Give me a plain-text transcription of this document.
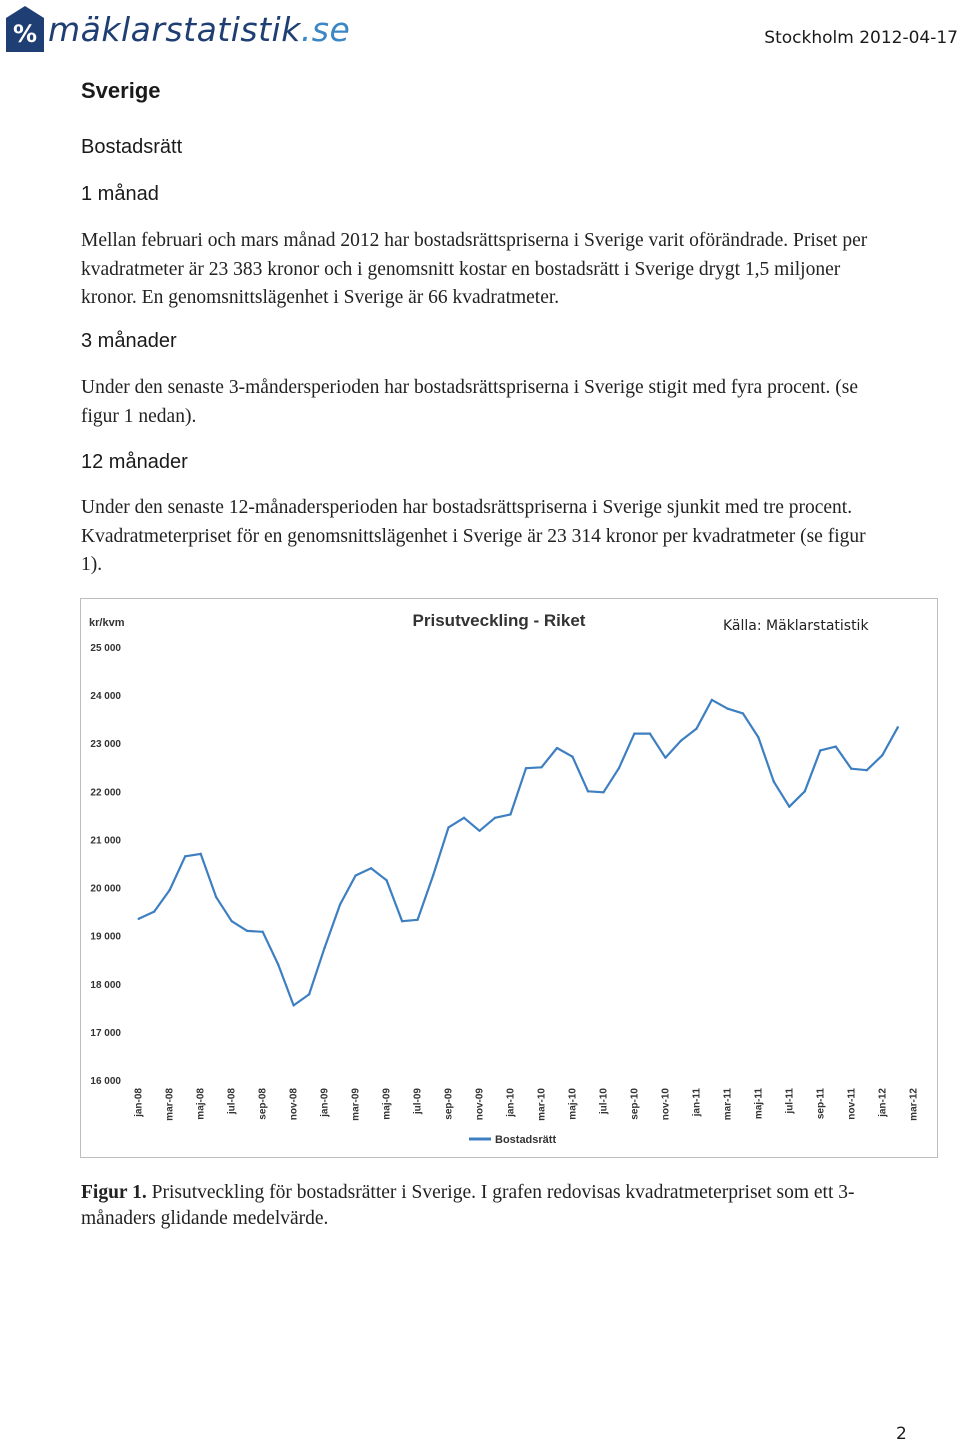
% mäklarstatistik.se	Stockholm 2012-04-17
Sverige
Bostadsrätt
1 månad

Mellan februari och mars månad 2012 har bostadsrättspriserna i Sverige varit oförändrade. Priset per kvadratmeter är 23 383 kronor och i genomsnitt kostar en bostadsrätt i Sverige drygt 1,5 miljoner kronor. En genomsnittslägenhet i Sverige är 66 kvadratmeter.

3 månader

Under den senaste 3-måndersperioden har bostadsrättspriserna i Sverige stigit med fyra procent. (se figur 1 nedan).

12 månader

Under den senaste 12-månadersperioden har bostadsrättspriserna i Sverige sjunkit med tre procent. Kvadratmeterpriset för en genomsnittslägenhet i Sverige är 23 314 kronor per kvadratmeter (se figur 1).

kr/kvm	Prisutveckling - Riket	Källa: Mäklarstatistik
25 000
24 000
23 000
22 000
21 000
20 000
19 000
18 000
17 000
16 000
jan-08 mar-08 maj-08 jul-08 sep-08 nov-08 jan-09 mar-09 maj-09 jul-09 sep-09 nov-09 jan-10 mar-10 maj-10 jul-10 sep-10 nov-10 jan-11 mar-11 maj-11 jul-11 sep-11 nov-11 jan-12 mar-12
Bostadsrätt

Figur 1. Prisutveckling för bostadsrätter i Sverige. I grafen redovisas kvadratmeterpriset som ett 3-månaders glidande medelvärde.

2
